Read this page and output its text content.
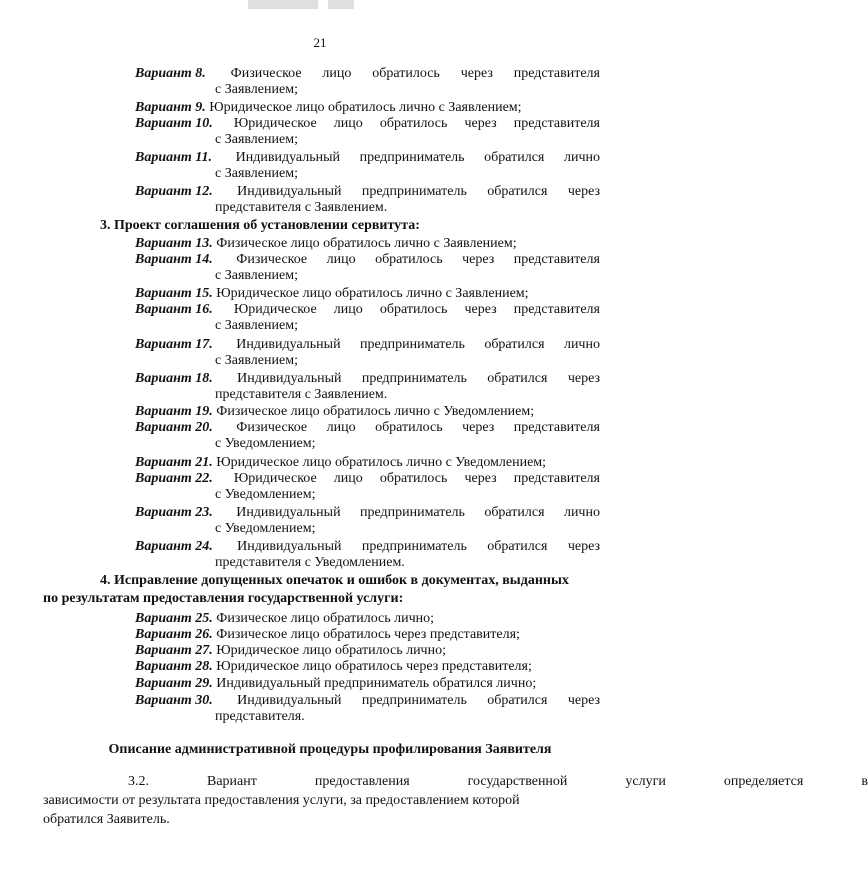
21
Вариант 8. Физическое лицо обратилось через представителя
с Заявлением;
Вариант 9. Юридическое лицо обратилось лично с Заявлением;
Вариант 10. Юридическое лицо обратилось через представителя
с Заявлением;
Вариант 11. Индивидуальный предприниматель обратился лично
с Заявлением;
Вариант 12. Индивидуальный предприниматель обратился через
представителя с Заявлением.
3. Проект соглашения об установлении сервитута:
Вариант 13. Физическое лицо обратилось лично с Заявлением;
Вариант 14. Физическое лицо обратилось через представителя
с Заявлением;
Вариант 15. Юридическое лицо обратилось лично с Заявлением;
Вариант 16. Юридическое лицо обратилось через представителя
с Заявлением;
Вариант 17. Индивидуальный предприниматель обратился лично
с Заявлением;
Вариант 18. Индивидуальный предприниматель обратился через
представителя с Заявлением.
Вариант 19. Физическое лицо обратилось лично с Уведомлением;
Вариант 20. Физическое лицо обратилось через представителя
с Уведомлением;
Вариант 21. Юридическое лицо обратилось лично с Уведомлением;
Вариант 22. Юридическое лицо обратилось через представителя
с Уведомлением;
Вариант 23. Индивидуальный предприниматель обратился лично
с Уведомлением;
Вариант 24. Индивидуальный предприниматель обратился через
представителя с Уведомлением.
4. Исправление допущенных опечаток и ошибок в документах, выданных
по результатам предоставления государственной услуги:
Вариант 25. Физическое лицо обратилось лично;
Вариант 26. Физическое лицо обратилось через представителя;
Вариант 27. Юридическое лицо обратилось лично;
Вариант 28. Юридическое лицо обратилось через представителя;
Вариант 29. Индивидуальный предприниматель обратился лично;
Вариант 30. Индивидуальный предприниматель обратился через
представителя.
Описание административной процедуры профилирования Заявителя
3.2.	Вариант	предоставления	государственной	услуги	определяется	в
зависимости от результата предоставления услуги, за предоставлением которой
обратился Заявитель.
